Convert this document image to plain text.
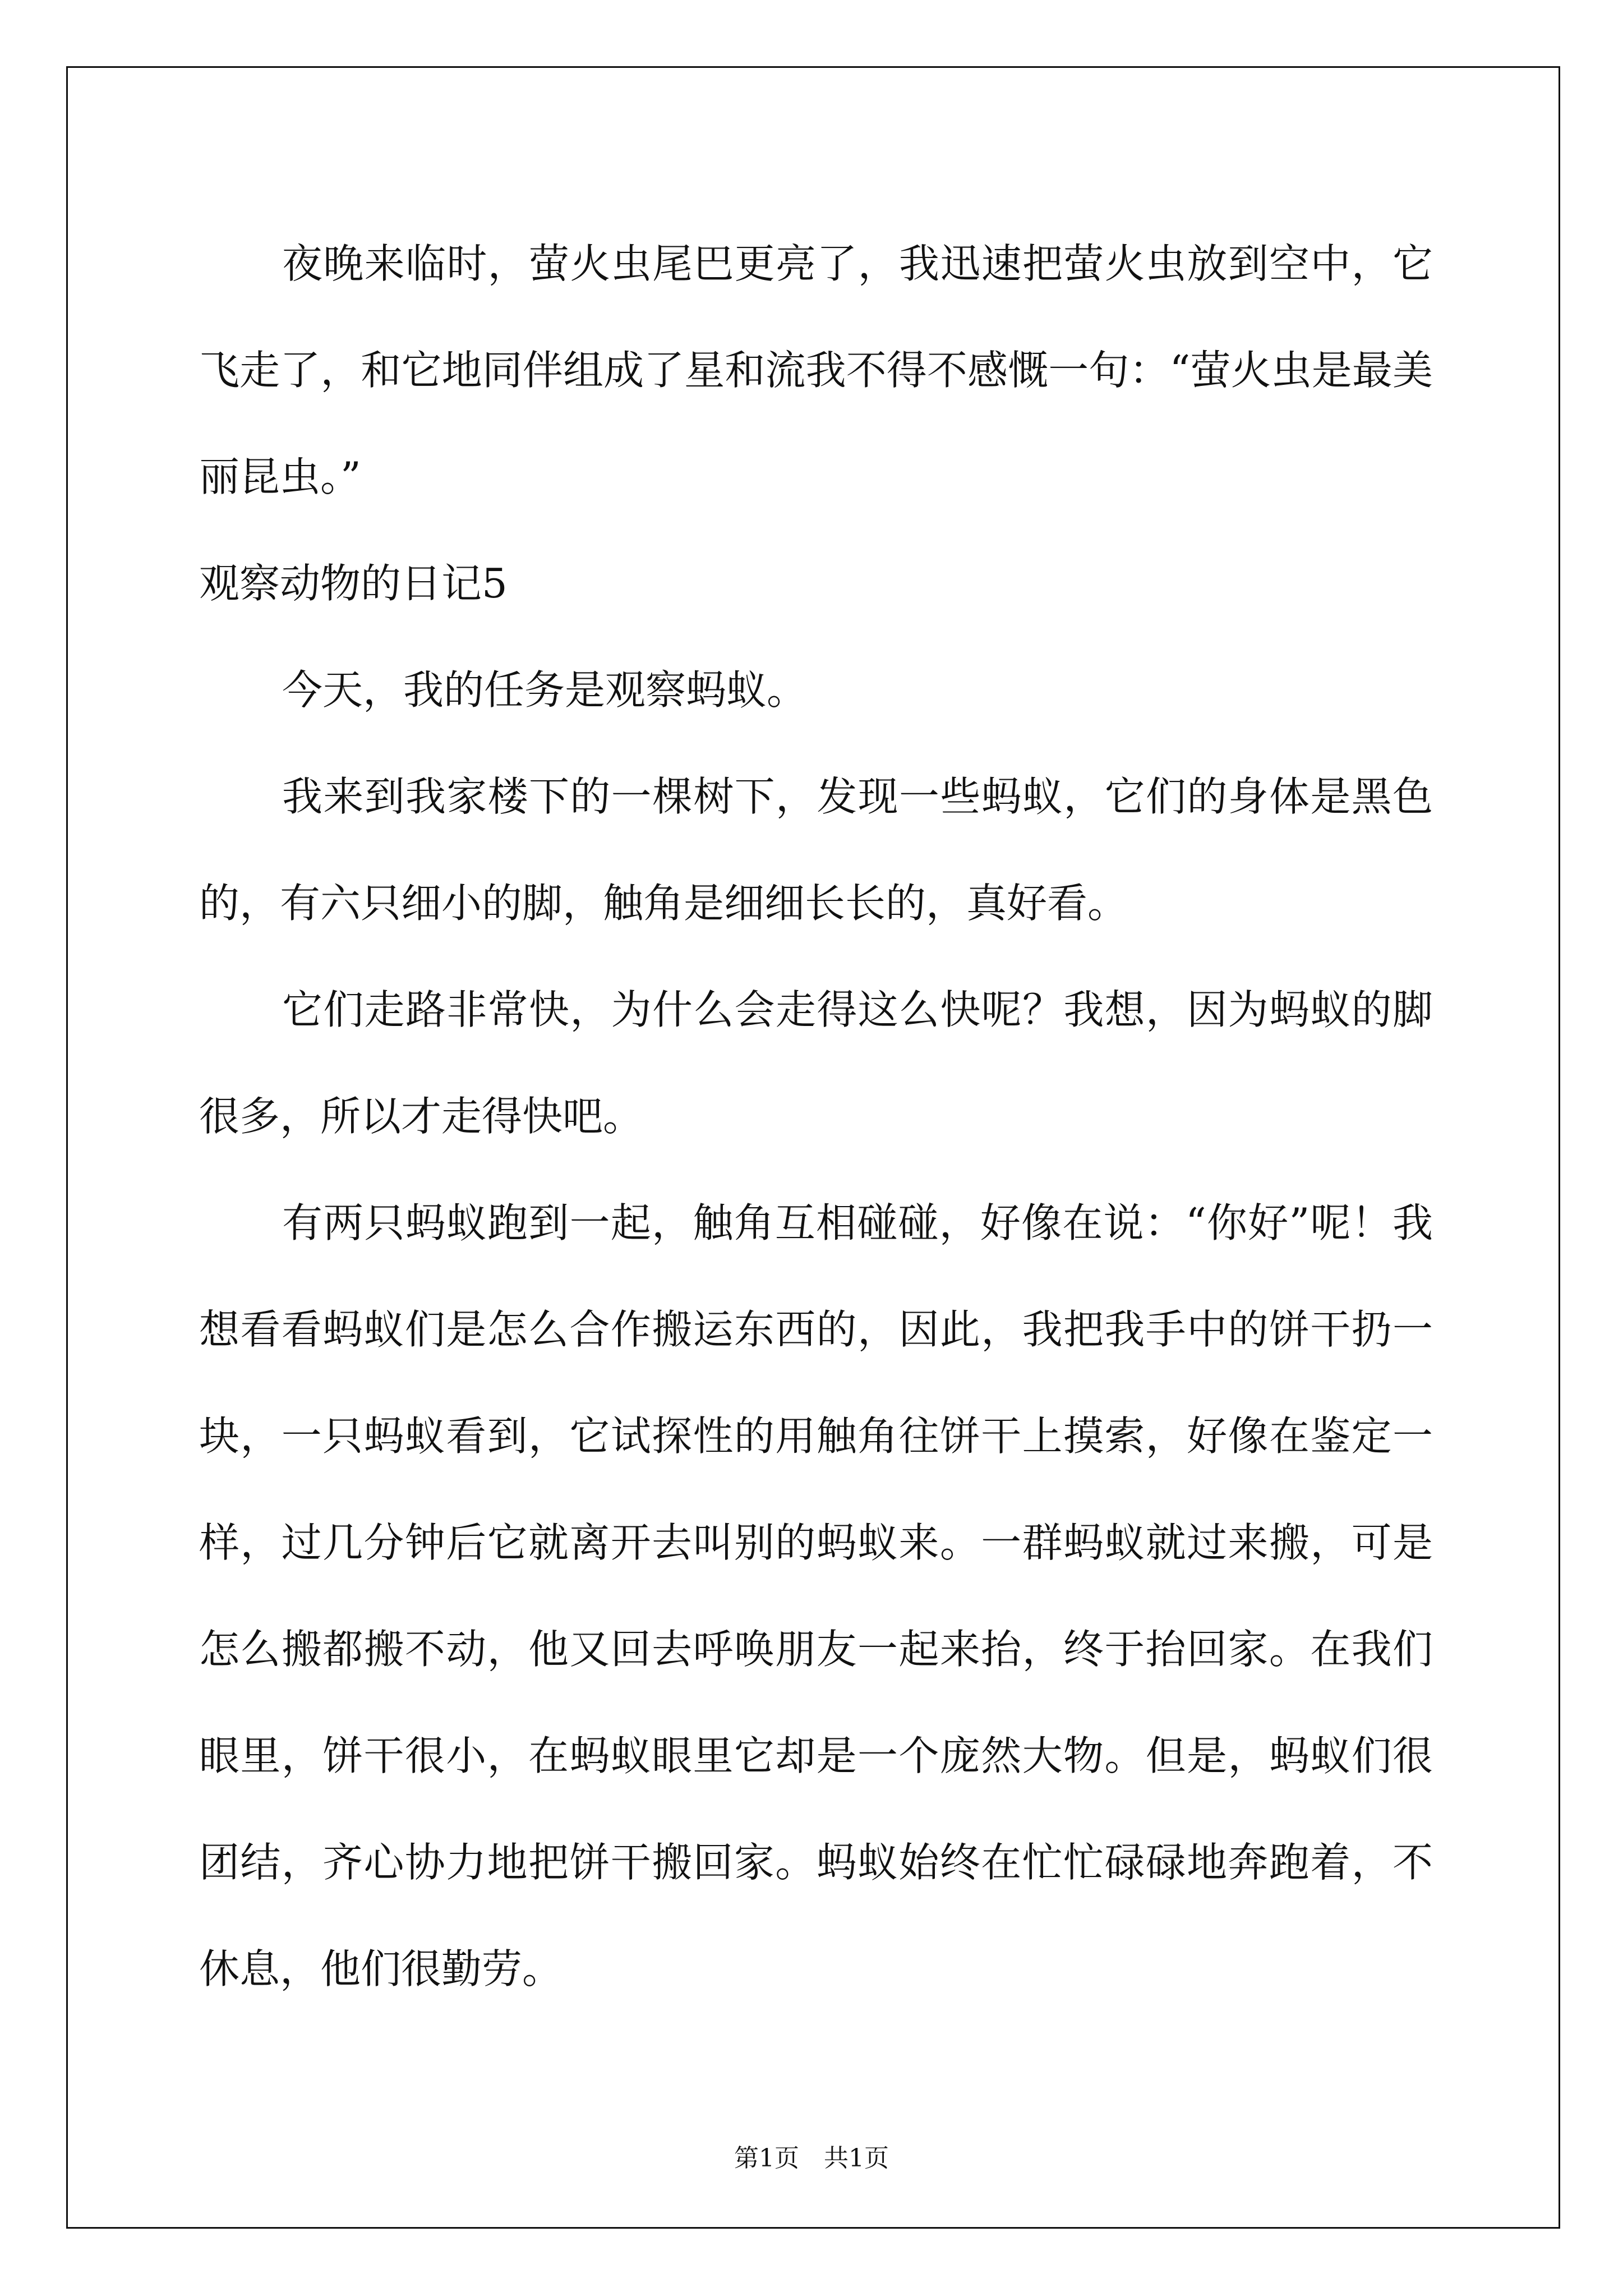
夜晚来临时，萤火虫尾巴更亮了，我迅速把萤火虫放到空中，它飞走了，和它地同伴组成了星和流我不得不感慨一句：“萤火虫是最美丽昆虫。”

观察动物的日记5

今天，我的任务是观察蚂蚁。

我来到我家楼下的一棵树下，发现一些蚂蚁，它们的身体是黑色的，有六只细小的脚，触角是细细长长的，真好看。

它们走路非常快，为什么会走得这么快呢？我想，因为蚂蚁的脚很多，所以才走得快吧。

有两只蚂蚁跑到一起，触角互相碰碰，好像在说：“你好”呢！我想看看蚂蚁们是怎么合作搬运东西的，因此，我把我手中的饼干扔一块，一只蚂蚁看到，它试探性的用触角往饼干上摸索，好像在鉴定一样，过几分钟后它就离开去叫别的蚂蚁来。一群蚂蚁就过来搬，可是怎么搬都搬不动，他又回去呼唤朋友一起来抬，终于抬回家。在我们眼里，饼干很小，在蚂蚁眼里它却是一个庞然大物。但是，蚂蚁们很团结，齐心协力地把饼干搬回家。蚂蚁始终在忙忙碌碌地奔跑着，不休息，他们很勤劳。

第1页　共1页
